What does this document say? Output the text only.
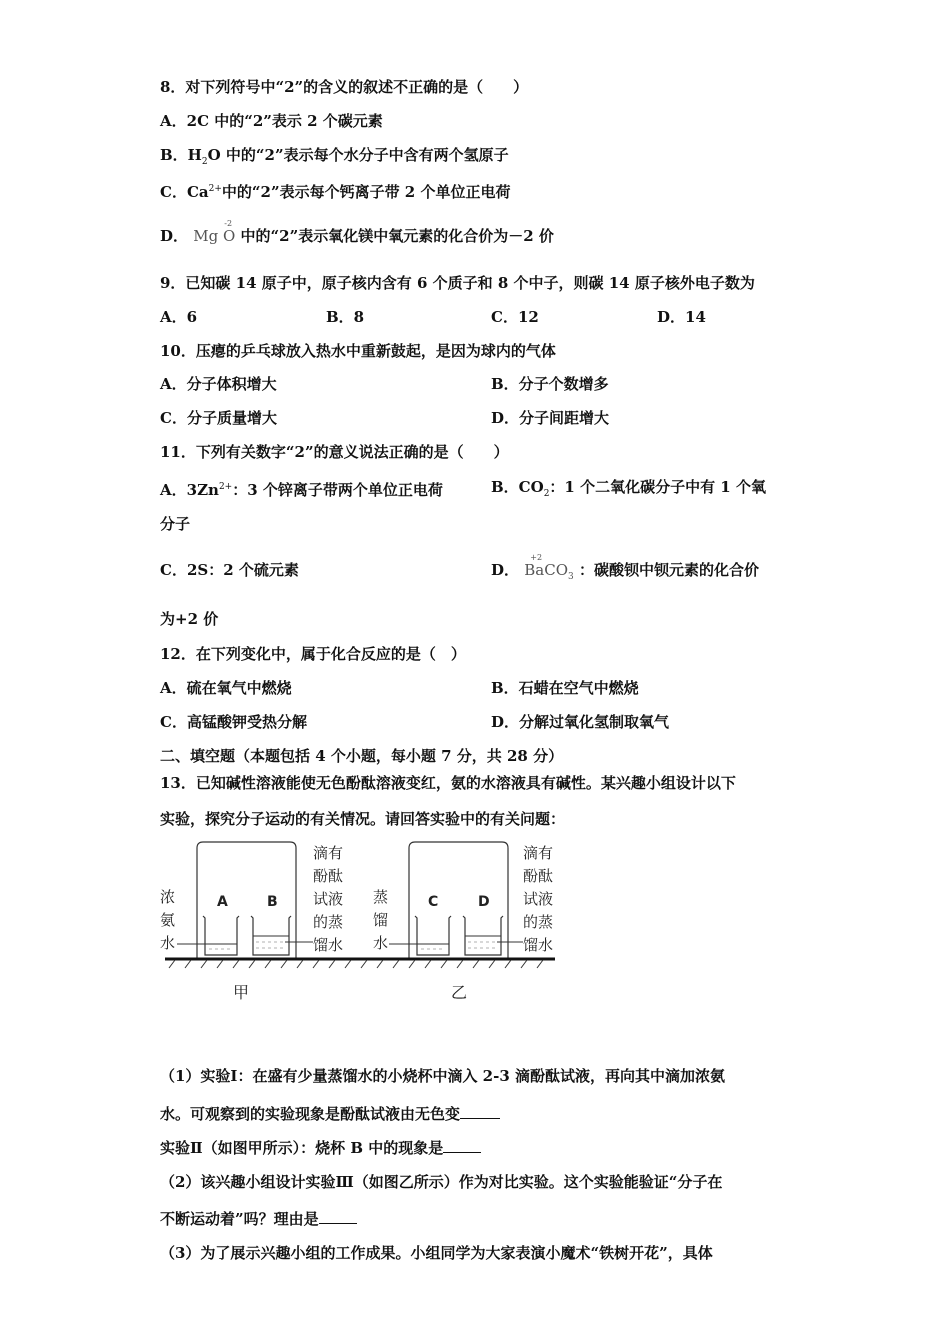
8．对下列符号中“2”的含义的叙述不正确的是（　　）
A．2C 中的“2”表示 2 个碳元素
B．$H_2O$ 中的“2”表示每个水分子中含有两个氢原子
C．$Ca^{2+}$中的“2”表示每个钙离子带 2 个单位正电荷
D．
-2
Mg O 中的“2”表示氧化镁中氧元素的化合价为－2 价
9．已知碳 14 原子中，原子核内含有 6 个质子和 8 个中子，则碳 14 原子核外电子数为
A．6	B．8	C．12	D．14
10．压瘪的乒乓球放入热水中重新鼓起，是因为球内的气体
A．分子体积增大	B．分子个数增多
C．分子质量增大	D．分子间距增大
11．下列有关数字“2”的意义说法正确的是（　　）
A．$3Zn^{2+}$：3 个锌离子带两个单位正电荷	B．$CO_2$：1 个二氧化碳分子中有 1 个氧
分子
C．2S：2 个硫元素	D．
+2
BaCO$_3$ ：碳酸钡中钡元素的化合价
为+2 价
12．在下列变化中，属于化合反应的是（　）
A．硫在氧气中燃烧	B．石蜡在空气中燃烧
C．高锰酸钾受热分解	D．分解过氧化氢制取氧气
二、填空题（本题包括 4 个小题，每小题 7 分，共 28 分）
13．已知碱性溶液能使无色酚酞溶液变红，氨的水溶液具有碱性。某兴趣小组设计以下
实验，探究分子运动的有关情况。请回答实验中的有关问题：
A	B
浓
氨
水
滴有
酚酞
试液
的蒸
馏水
C	D
蒸
馏
水
滴有
酚酞
试液
的蒸
馏水
甲	乙
（1）实验Ⅰ：在盛有少量蒸馏水的小烧杯中滴入 2-3 滴酚酞试液，再向其中滴加浓氨
水。可观察到的实验现象是酚酞试液由无色变
实验Ⅱ（如图甲所示）：烧杯 B 中的现象是
（2）该兴趣小组设计实验Ⅲ（如图乙所示）作为对比实验。这个实验能验证“分子在
不断运动着”吗？理由是
（3）为了展示兴趣小组的工作成果。小组同学为大家表演小魔术“铁树开花”，具体
